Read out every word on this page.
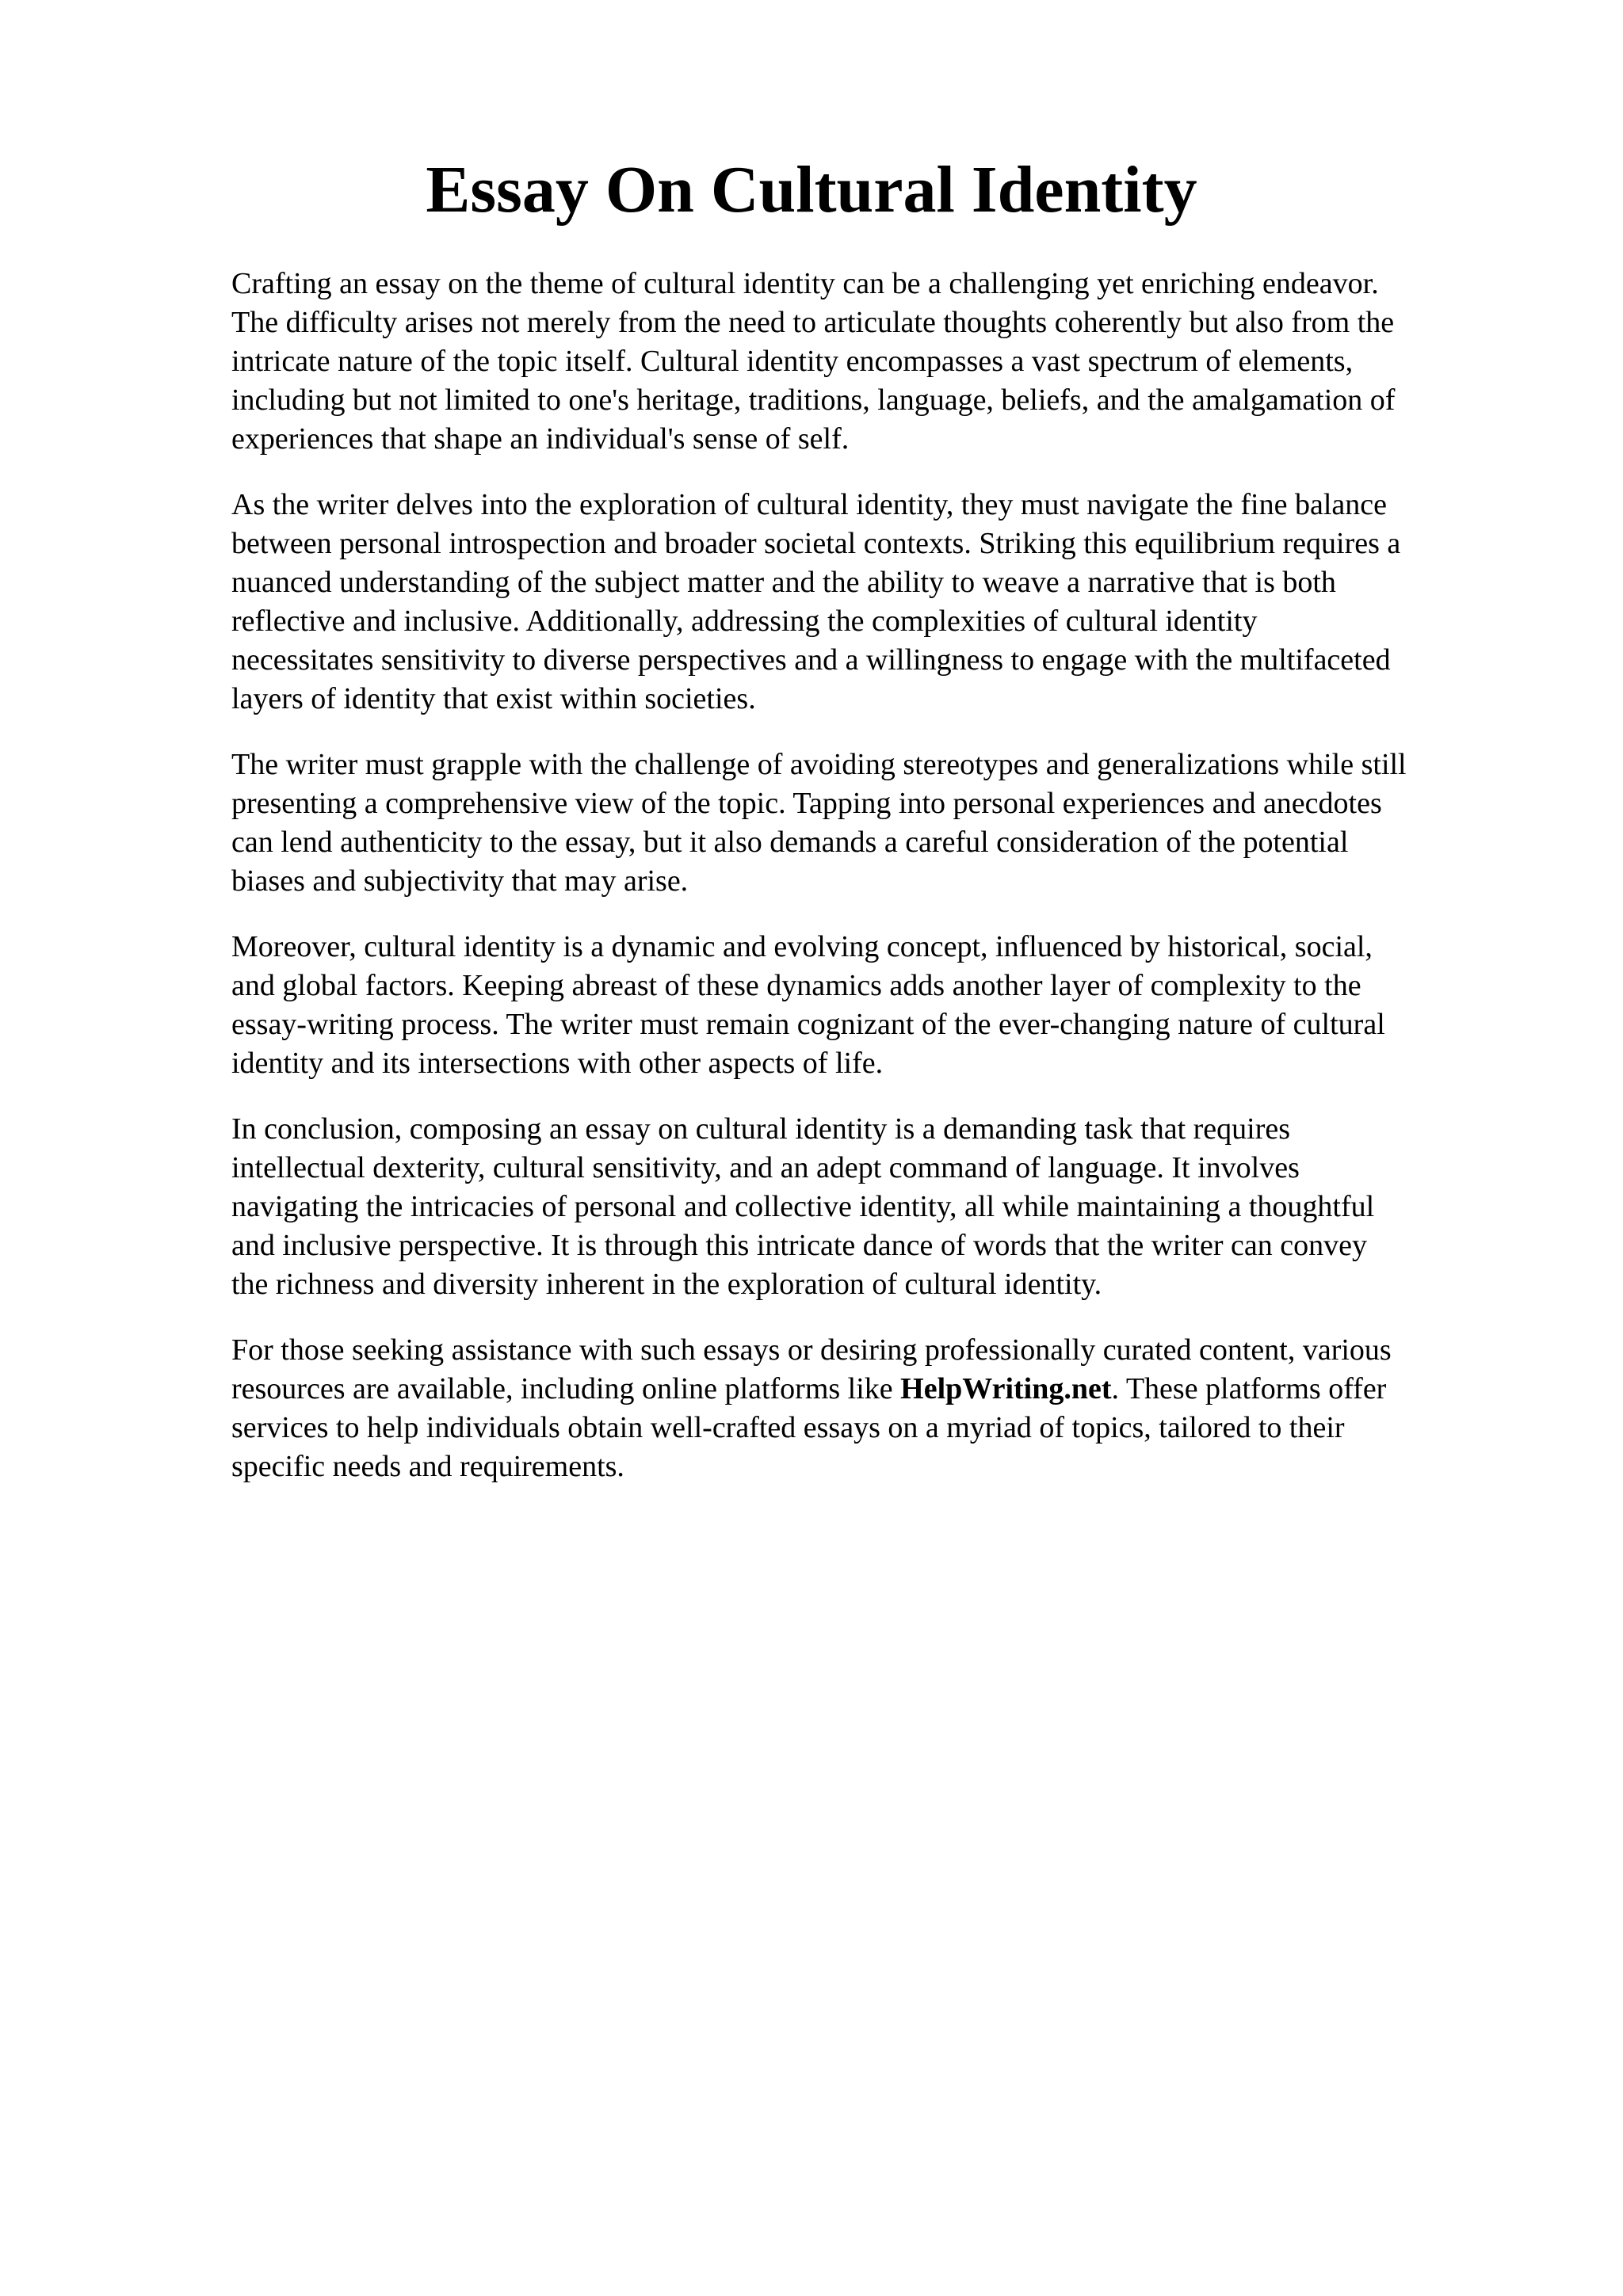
Essay On Cultural Identity

Crafting an essay on the theme of cultural identity can be a challenging yet enriching endeavor.
The difficulty arises not merely from the need to articulate thoughts coherently but also from the
intricate nature of the topic itself. Cultural identity encompasses a vast spectrum of elements,
including but not limited to one's heritage, traditions, language, beliefs, and the amalgamation of
experiences that shape an individual's sense of self.

As the writer delves into the exploration of cultural identity, they must navigate the fine balance
between personal introspection and broader societal contexts. Striking this equilibrium requires a
nuanced understanding of the subject matter and the ability to weave a narrative that is both
reflective and inclusive. Additionally, addressing the complexities of cultural identity
necessitates sensitivity to diverse perspectives and a willingness to engage with the multifaceted
layers of identity that exist within societies.

The writer must grapple with the challenge of avoiding stereotypes and generalizations while still
presenting a comprehensive view of the topic. Tapping into personal experiences and anecdotes
can lend authenticity to the essay, but it also demands a careful consideration of the potential
biases and subjectivity that may arise.

Moreover, cultural identity is a dynamic and evolving concept, influenced by historical, social,
and global factors. Keeping abreast of these dynamics adds another layer of complexity to the
essay-writing process. The writer must remain cognizant of the ever-changing nature of cultural
identity and its intersections with other aspects of life.

In conclusion, composing an essay on cultural identity is a demanding task that requires
intellectual dexterity, cultural sensitivity, and an adept command of language. It involves
navigating the intricacies of personal and collective identity, all while maintaining a thoughtful
and inclusive perspective. It is through this intricate dance of words that the writer can convey
the richness and diversity inherent in the exploration of cultural identity.

For those seeking assistance with such essays or desiring professionally curated content, various
resources are available, including online platforms like HelpWriting.net. These platforms offer
services to help individuals obtain well-crafted essays on a myriad of topics, tailored to their
specific needs and requirements.
